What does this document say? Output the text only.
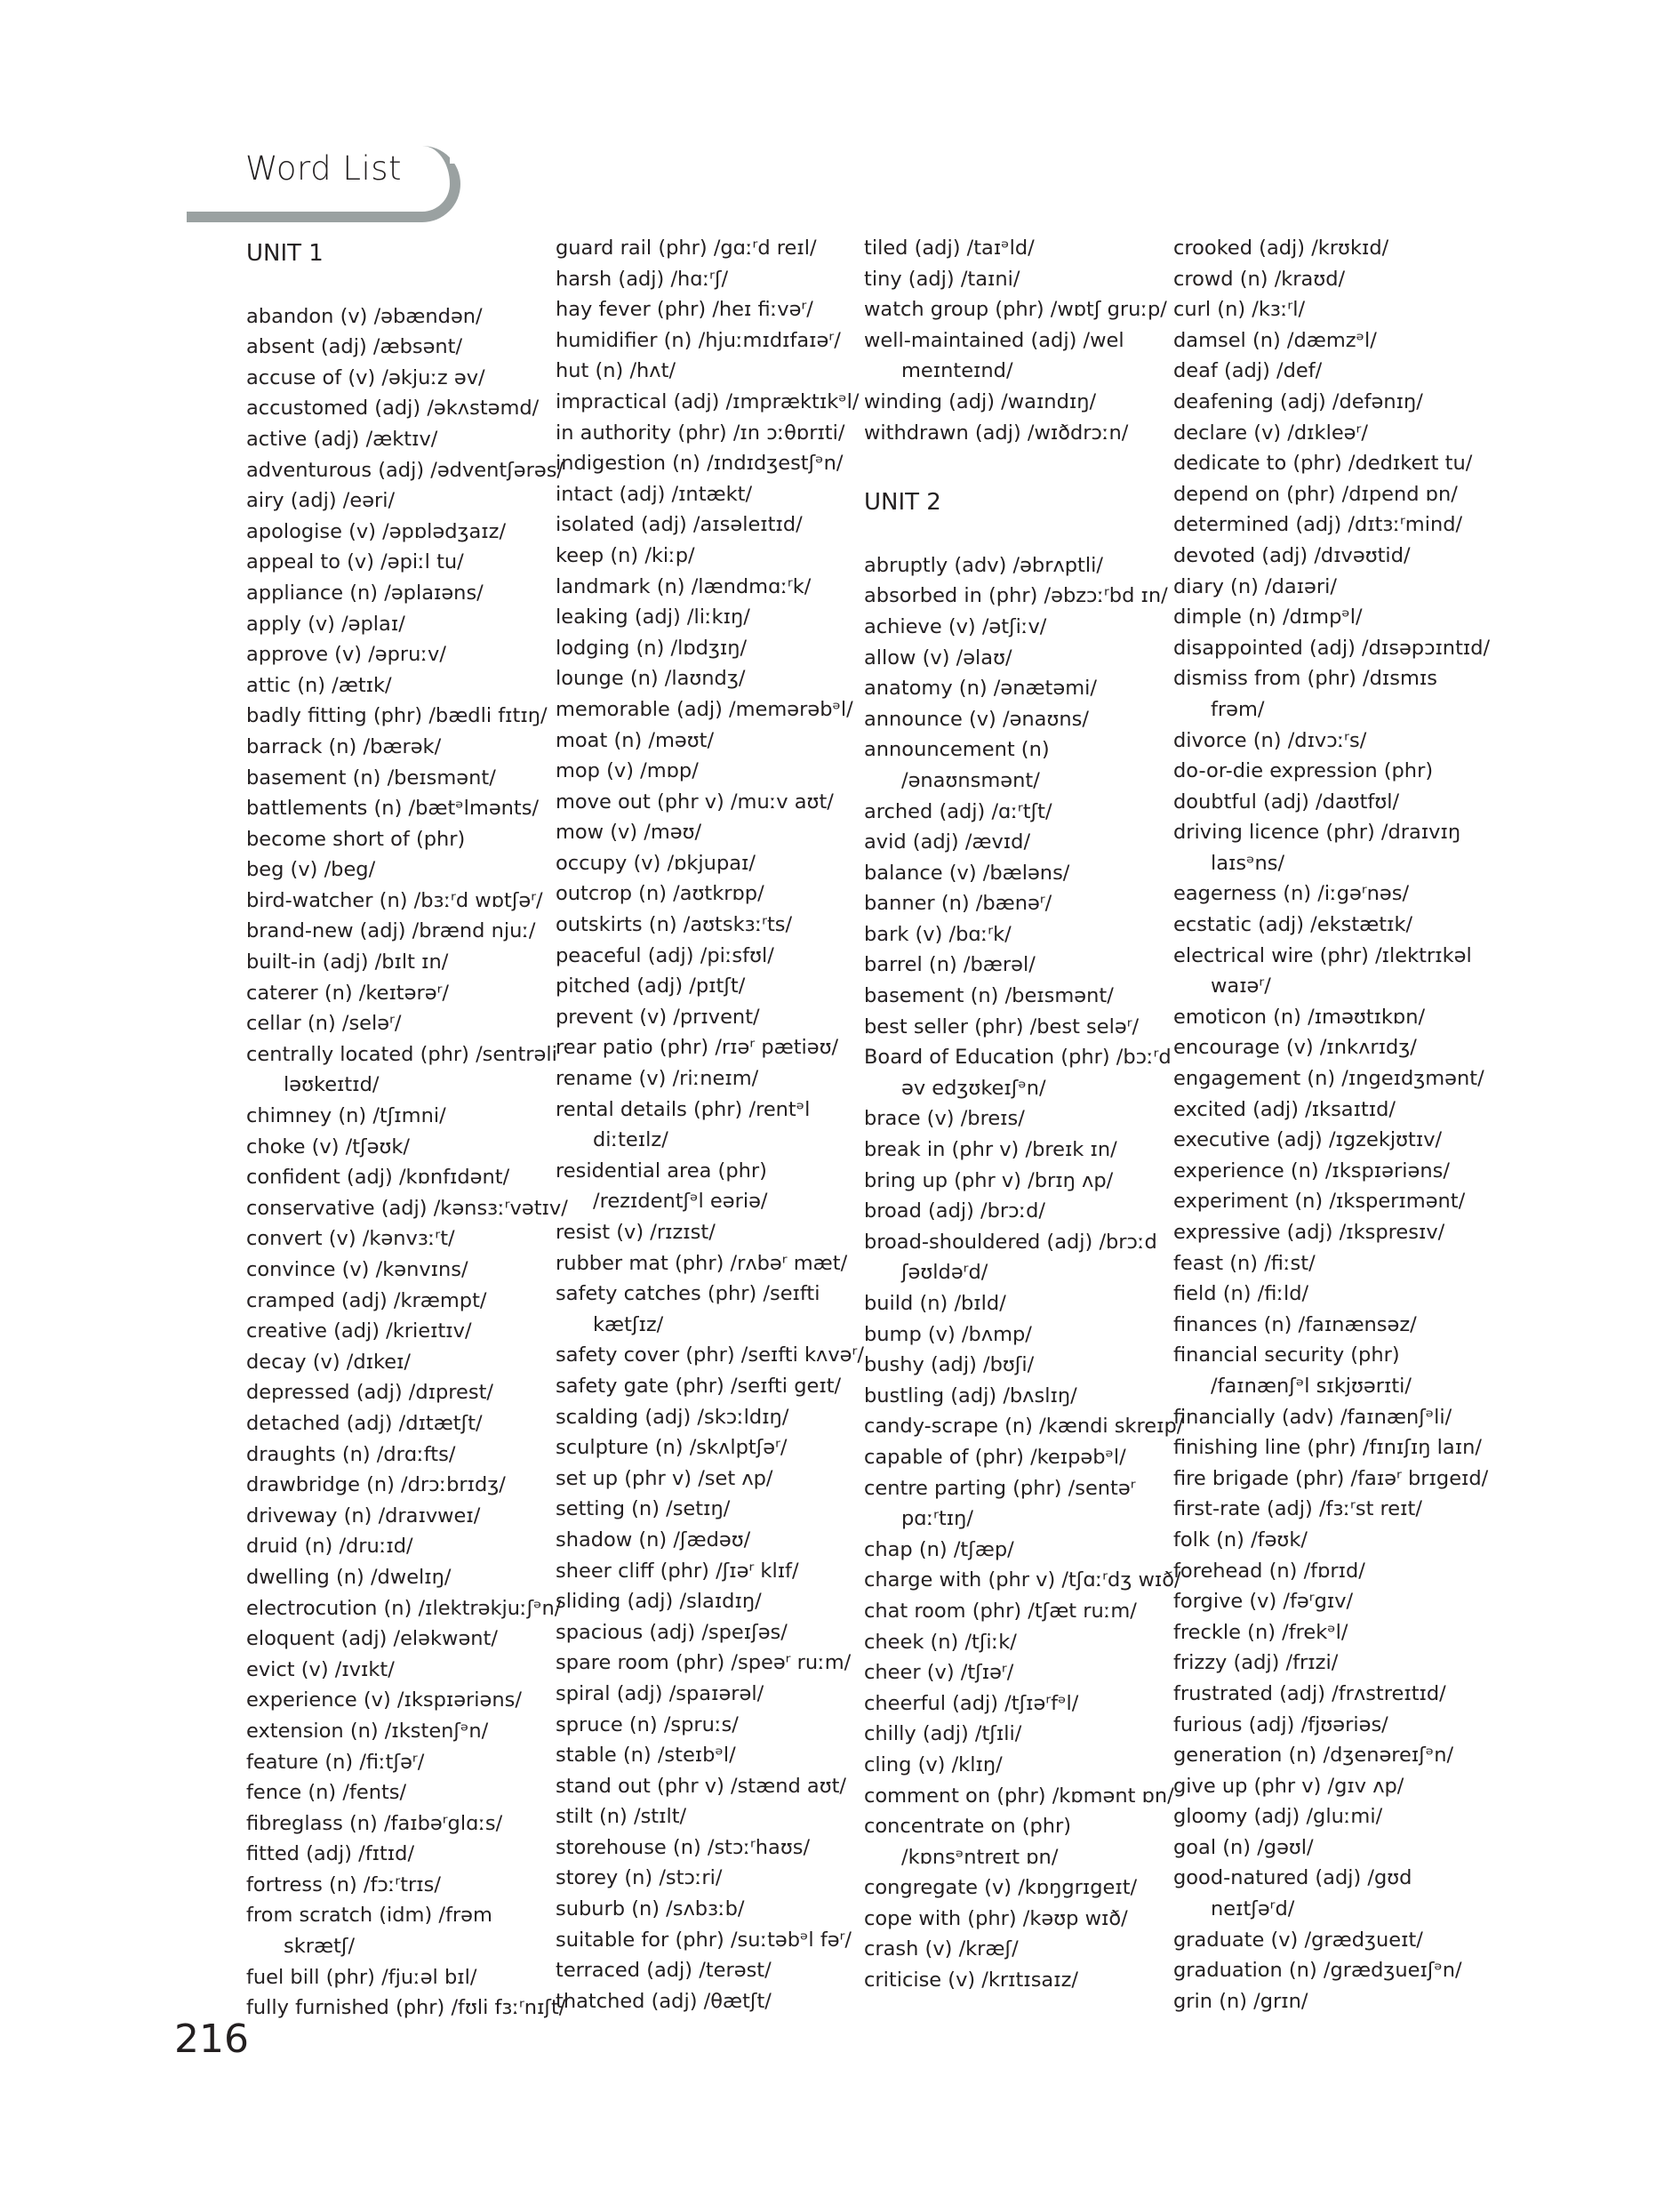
Word List
UNIT 1
abandon (v) /əbændən/
absent (adj) /æbsənt/
accuse of (v) /əkjuːz əv/
accustomed (adj) /əkʌstəmd/
active (adj) /æktɪv/
adventurous (adj) /ədventʃərəs/
airy (adj) /eəri/
apologise (v) /əpɒlədʒaɪz/
appeal to (v) /əpiːl tu/
appliance (n) /əplaɪəns/
apply (v) /əplaɪ/
approve (v) /əpruːv/
attic (n) /ætɪk/
badly fitting (phr) /bædli fɪtɪŋ/
barrack (n) /bærək/
basement (n) /beɪsmənt/
battlements (n) /bætᵊlmənts/
become short of (phr)
beg (v) /beg/
bird-watcher (n) /bɜːʳd wɒtʃəʳ/
brand-new (adj) /brænd njuː/
built-in (adj) /bɪlt ɪn/
caterer (n) /keɪtərəʳ/
cellar (n) /seləʳ/
centrally located (phr) /sentrəli
ləʊkeɪtɪd/
chimney (n) /tʃɪmni/
choke (v) /tʃəʊk/
confident (adj) /kɒnfɪdənt/
conservative (adj) /kənsɜːʳvətɪv/
convert (v) /kənvɜːʳt/
convince (v) /kənvɪns/
cramped (adj) /kræmpt/
creative (adj) /krieɪtɪv/
decay (v) /dɪkeɪ/
depressed (adj) /dɪprest/
detached (adj) /dɪtætʃt/
draughts (n) /drɑːfts/
drawbridge (n) /drɔːbrɪdʒ/
driveway (n) /draɪvweɪ/
druid (n) /druːɪd/
dwelling (n) /dwelɪŋ/
electrocution (n) /ɪlektrəkjuːʃᵊn/
eloquent (adj) /eləkwənt/
evict (v) /ɪvɪkt/
experience (v) /ɪkspɪəriəns/
extension (n) /ɪkstenʃᵊn/
feature (n) /fiːtʃəʳ/
fence (n) /fents/
fibreglass (n) /faɪbəʳglɑːs/
fitted (adj) /fɪtɪd/
fortress (n) /fɔːʳtrɪs/
from scratch (idm) /frəm
skrætʃ/
fuel bill (phr) /fjuːəl bɪl/
fully furnished (phr) /fʊli fɜːʳnɪʃt/
guard rail (phr) /gɑːʳd reɪl/
harsh (adj) /hɑːʳʃ/
hay fever (phr) /heɪ fiːvəʳ/
humidifier (n) /hjuːmɪdɪfaɪəʳ/
hut (n) /hʌt/
impractical (adj) /ɪmpræktɪkᵊl/
in authority (phr) /ɪn ɔːθɒrɪti/
indigestion (n) /ɪndɪdʒestʃᵊn/
intact (adj) /ɪntækt/
isolated (adj) /aɪsəleɪtɪd/
keep (n) /kiːp/
landmark (n) /lændmɑːʳk/
leaking (adj) /liːkɪŋ/
lodging (n) /lɒdʒɪŋ/
lounge (n) /laʊndʒ/
memorable (adj) /memərəbᵊl/
moat (n) /məʊt/
mop (v) /mɒp/
move out (phr v) /muːv aʊt/
mow (v) /məʊ/
occupy (v) /ɒkjupaɪ/
outcrop (n) /aʊtkrɒp/
outskirts (n) /aʊtskɜːʳts/
peaceful (adj) /piːsfʊl/
pitched (adj) /pɪtʃt/
prevent (v) /prɪvent/
rear patio (phr) /rɪəʳ pætiəʊ/
rename (v) /riːneɪm/
rental details (phr) /rentᵊl
diːteɪlz/
residential area (phr)
/rezɪdentʃᵊl eəriə/
resist (v) /rɪzɪst/
rubber mat (phr) /rʌbəʳ mæt/
safety catches (phr) /seɪfti
kætʃɪz/
safety cover (phr) /seɪfti kʌvəʳ/
safety gate (phr) /seɪfti geɪt/
scalding (adj) /skɔːldɪŋ/
sculpture (n) /skʌlptʃəʳ/
set up (phr v) /set ʌp/
setting (n) /setɪŋ/
shadow (n) /ʃædəʊ/
sheer cliff (phr) /ʃɪəʳ klɪf/
sliding (adj) /slaɪdɪŋ/
spacious (adj) /speɪʃəs/
spare room (phr) /speəʳ ruːm/
spiral (adj) /spaɪərəl/
spruce (n) /spruːs/
stable (n) /steɪbᵊl/
stand out (phr v) /stænd aʊt/
stilt (n) /stɪlt/
storehouse (n) /stɔːʳhaʊs/
storey (n) /stɔːri/
suburb (n) /sʌbɜːb/
suitable for (phr) /suːtəbᵊl fəʳ/
terraced (adj) /terəst/
thatched (adj) /θætʃt/
tiled (adj) /taɪᵊld/
tiny (adj) /taɪni/
watch group (phr) /wɒtʃ gruːp/
well-maintained (adj) /wel
meɪnteɪnd/
winding (adj) /waɪndɪŋ/
withdrawn (adj) /wɪðdrɔːn/
UNIT 2
abruptly (adv) /əbrʌptli/
absorbed in (phr) /əbzɔːʳbd ɪn/
achieve (v) /ətʃiːv/
allow (v) /əlaʊ/
anatomy (n) /ənætəmi/
announce (v) /ənaʊns/
announcement (n)
/ənaʊnsmənt/
arched (adj) /ɑːʳtʃt/
avid (adj) /ævɪd/
balance (v) /bæləns/
banner (n) /bænəʳ/
bark (v) /bɑːʳk/
barrel (n) /bærəl/
basement (n) /beɪsmənt/
best seller (phr) /best seləʳ/
Board of Education (phr) /bɔːʳd
əv edʒʊkeɪʃᵊn/
brace (v) /breɪs/
break in (phr v) /breɪk ɪn/
bring up (phr v) /brɪŋ ʌp/
broad (adj) /brɔːd/
broad-shouldered (adj) /brɔːd
ʃəʊldəʳd/
build (n) /bɪld/
bump (v) /bʌmp/
bushy (adj) /bʊʃi/
bustling (adj) /bʌslɪŋ/
candy-scrape (n) /kændi skreɪp/
capable of (phr) /keɪpəbᵊl/
centre parting (phr) /sentəʳ
pɑːʳtɪŋ/
chap (n) /tʃæp/
charge with (phr v) /tʃɑːʳdʒ wɪð/
chat room (phr) /tʃæt ruːm/
cheek (n) /tʃiːk/
cheer (v) /tʃɪəʳ/
cheerful (adj) /tʃɪəʳfᵊl/
chilly (adj) /tʃɪli/
cling (v) /klɪŋ/
comment on (phr) /kɒmənt ɒn/
concentrate on (phr)
/kɒnsᵊntreɪt ɒn/
congregate (v) /kɒŋgrɪgeɪt/
cope with (phr) /kəʊp wɪð/
crash (v) /kræʃ/
criticise (v) /krɪtɪsaɪz/
crooked (adj) /krʊkɪd/
crowd (n) /kraʊd/
curl (n) /kɜːʳl/
damsel (n) /dæmzᵊl/
deaf (adj) /def/
deafening (adj) /defənɪŋ/
declare (v) /dɪkleəʳ/
dedicate to (phr) /dedɪkeɪt tu/
depend on (phr) /dɪpend ɒn/
determined (adj) /dɪtɜːʳmind/
devoted (adj) /dɪvəʊtid/
diary (n) /daɪəri/
dimple (n) /dɪmpᵊl/
disappointed (adj) /dɪsəpɔɪntɪd/
dismiss from (phr) /dɪsmɪs
frəm/
divorce (n) /dɪvɔːʳs/
do-or-die expression (phr)
doubtful (adj) /daʊtfʊl/
driving licence (phr) /draɪvɪŋ
laɪsᵊns/
eagerness (n) /iːgəʳnəs/
ecstatic (adj) /ekstætɪk/
electrical wire (phr) /ɪlektrɪkəl
waɪəʳ/
emoticon (n) /ɪməʊtɪkɒn/
encourage (v) /ɪnkʌrɪdʒ/
engagement (n) /ɪngeɪdʒmənt/
excited (adj) /ɪksaɪtɪd/
executive (adj) /ɪgzekjʊtɪv/
experience (n) /ɪkspɪəriəns/
experiment (n) /ɪksperɪmənt/
expressive (adj) /ɪkspresɪv/
feast (n) /fiːst/
field (n) /fiːld/
finances (n) /faɪnænsəz/
financial security (phr)
/faɪnænʃᵊl sɪkjʊərɪti/
financially (adv) /faɪnænʃᵊli/
finishing line (phr) /fɪnɪʃɪŋ laɪn/
fire brigade (phr) /faɪəʳ brɪgeɪd/
first-rate (adj) /fɜːʳst reɪt/
folk (n) /fəʊk/
forehead (n) /fɒrɪd/
forgive (v) /fəʳgɪv/
freckle (n) /frekᵊl/
frizzy (adj) /frɪzi/
frustrated (adj) /frʌstreɪtɪd/
furious (adj) /fjʊəriəs/
generation (n) /dʒenəreɪʃᵊn/
give up (phr v) /gɪv ʌp/
gloomy (adj) /gluːmi/
goal (n) /gəʊl/
good-natured (adj) /gʊd
neɪtʃəʳd/
graduate (v) /grædʒueɪt/
graduation (n) /grædʒueɪʃᵊn/
grin (n) /grɪn/
216
